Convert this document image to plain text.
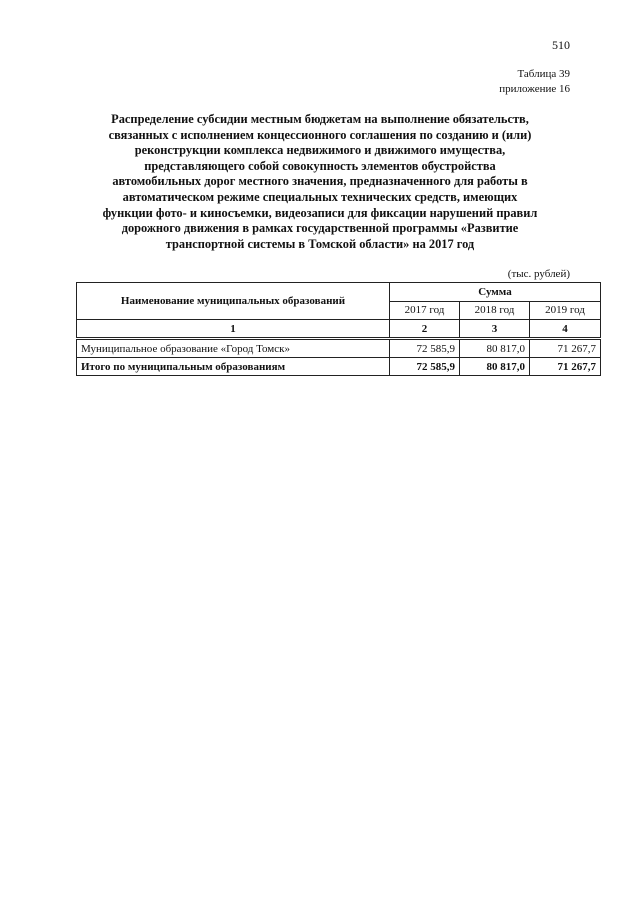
510
Таблица 39
приложение 16
Распределение субсидии местным бюджетам на выполнение обязательств,
связанных с исполнением концессионного соглашения по созданию и (или)
реконструкции комплекса недвижимого и движимого имущества,
представляющего собой совокупность элементов обустройства
автомобильных дорог местного значения, предназначенного для работы в
автоматическом режиме специальных технических средств, имеющих
функции фото- и киносъемки, видеозаписи для фиксации нарушений правил
дорожного движения в рамках государственной программы «Развитие
транспортной системы в Томской области» на 2017 год
(тыс. рублей)
Наименование муниципальных образований	Сумма		
	2017 год	2018 год	2019 год
1	2	3	4
Муниципальное образование «Город Томск»	72 585,9	80 817,0	71 267,7
Итого по муниципальным образованиям	72 585,9	80 817,0	71 267,7
